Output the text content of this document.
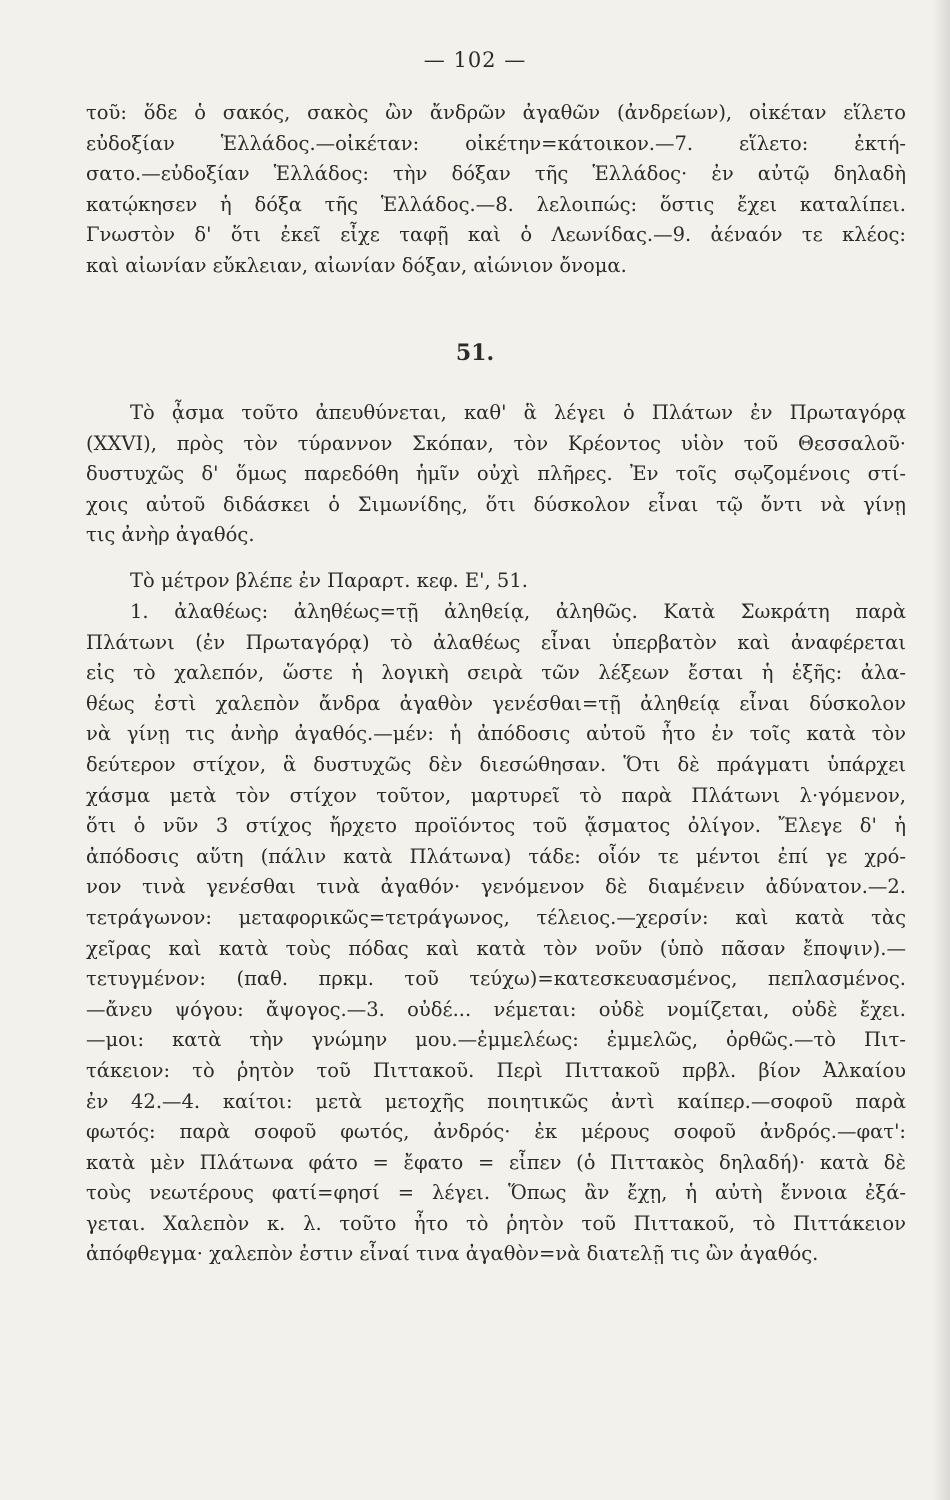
— 102 —
τοῦ: ὅδε ὁ σακός, σακὸς ὢν ἄνδρῶν ἀγαθῶν (ἀνδρείων), οἰκέταν εἵλετο
εὐδοξίαν Ἑλλάδος.—οἰκέταν: οἰκέτην=κάτοικον.—7. εἵλετο: ἐκτή-
σατο.—εὐδοξίαν Ἑλλάδος: τὴν δόξαν τῆς Ἑλλάδος· ἐν αὐτῷ δηλαδὴ
κατῴκησεν ἡ δόξα τῆς Ἑλλάδος.—8. λελοιπώς: ὅστις ἔχει καταλίπει.
Γνωστὸν δ' ὅτι ἐκεῖ εἶχε ταφῇ καὶ ὁ Λεωνίδας.—9. ἀέναόν τε κλέος:
καὶ αἰωνίαν εὔκλειαν, αἰωνίαν δόξαν, αἰώνιον ὄνομα.
51.
Τὸ ᾆσμα τοῦτο ἀπευθύνεται, καθ' ἃ λέγει ὁ Πλάτων ἐν Πρωταγόρᾳ
(XXVI), πρὸς τὸν τύραννον Σκόπαν, τὸν Κρέοντος υἱὸν τοῦ Θεσσαλοῦ·
δυστυχῶς δ' ὅμως παρεδόθη ἡμῖν οὐχὶ πλῆρες. Ἐν τοῖς σῳζομένοις στί-
χοις αὐτοῦ διδάσκει ὁ Σιμωνίδης, ὅτι δύσκολον εἶναι τῷ ὄντι νὰ γίνῃ
τις ἀνὴρ ἀγαθός.
Τὸ μέτρον βλέπε ἐν Παραρτ. κεφ. Ε', 51.
1. ἀλαθέως: ἀληθέως=τῇ ἀληθείᾳ, ἀληθῶς. Κατὰ Σωκράτη παρὰ
Πλάτωνι (ἐν Πρωταγόρᾳ) τὸ ἀλαθέως εἶναι ὑπερβατὸν καὶ ἀναφέρεται
εἰς τὸ χαλεπόν, ὥστε ἡ λογικὴ σειρὰ τῶν λέξεων ἔσται ἡ ἑξῆς: ἀλα-
θέως ἐστὶ χαλεπὸν ἄνδρα ἀγαθὸν γενέσθαι=τῇ ἀληθείᾳ εἶναι δύσκολον
νὰ γίνῃ τις ἀνὴρ ἀγαθός.—μέν: ἡ ἀπόδοσις αὐτοῦ ἦτο ἐν τοῖς κατὰ τὸν
δεύτερον στίχον, ἃ δυστυχῶς δὲν διεσώθησαν. Ὅτι δὲ πράγματι ὑπάρχει
χάσμα μετὰ τὸν στίχον τοῦτον, μαρτυρεῖ τὸ παρὰ Πλάτωνι λ·γόμενον,
ὅτι ὁ νῦν 3 στίχος ἤρχετο προϊόντος τοῦ ᾄσματος ὀλίγον. Ἔλεγε δ' ἡ
ἀπόδοσις αὕτη (πάλιν κατὰ Πλάτωνα) τάδε: οἷόν τε μέντοι ἐπί γε χρό-
νον τινὰ γενέσθαι τινὰ ἀγαθόν· γενόμενον δὲ διαμένειν ἀδύνατον.—2.
τετράγωνον: μεταφορικῶς=τετράγωνος, τέλειος.—χερσίν: καὶ κατὰ τὰς
χεῖρας καὶ κατὰ τοὺς πόδας καὶ κατὰ τὸν νοῦν (ὑπὸ πᾶσαν ἔποψιν).—
τετυγμένον: (παθ. πρκμ. τοῦ τεύχω)=κατεσκευασμένος, πεπλασμένος.
—ἄνευ ψόγου: ἄψογος.—3. οὐδέ... νέμεται: οὐδὲ νομίζεται, οὐδὲ ἔχει.
—μοι: κατὰ τὴν γνώμην μου.—ἐμμελέως: ἐμμελῶς, ὀρθῶς.—τὸ Πιτ-
τάκειον: τὸ ῥητὸν τοῦ Πιττακοῦ. Περὶ Πιττακοῦ πρβλ. βίον Ἀλκαίου
ἐν 42.—4. καίτοι: μετὰ μετοχῆς ποιητικῶς ἀντὶ καίπερ.—σοφοῦ παρὰ
φωτός: παρὰ σοφοῦ φωτός, ἀνδρός· ἐκ μέρους σοφοῦ ἀνδρός.—φατ':
κατὰ μὲν Πλάτωνα φάτο = ἔφατο = εἶπεν (ὁ Πιττακὸς δηλαδή)· κατὰ δὲ
τοὺς νεωτέρους φατί=φησί = λέγει. Ὅπως ἂν ἔχῃ, ἡ αὐτὴ ἔννοια ἐξά-
γεται. Χαλεπὸν κ. λ. τοῦτο ἦτο τὸ ῥητὸν τοῦ Πιττακοῦ, τὸ Πιττάκειον
ἀπόφθεγμα· χαλεπὸν ἐστιν εἶναί τινα ἀγαθὸν=νὰ διατελῇ τις ὢν ἀγαθός.
